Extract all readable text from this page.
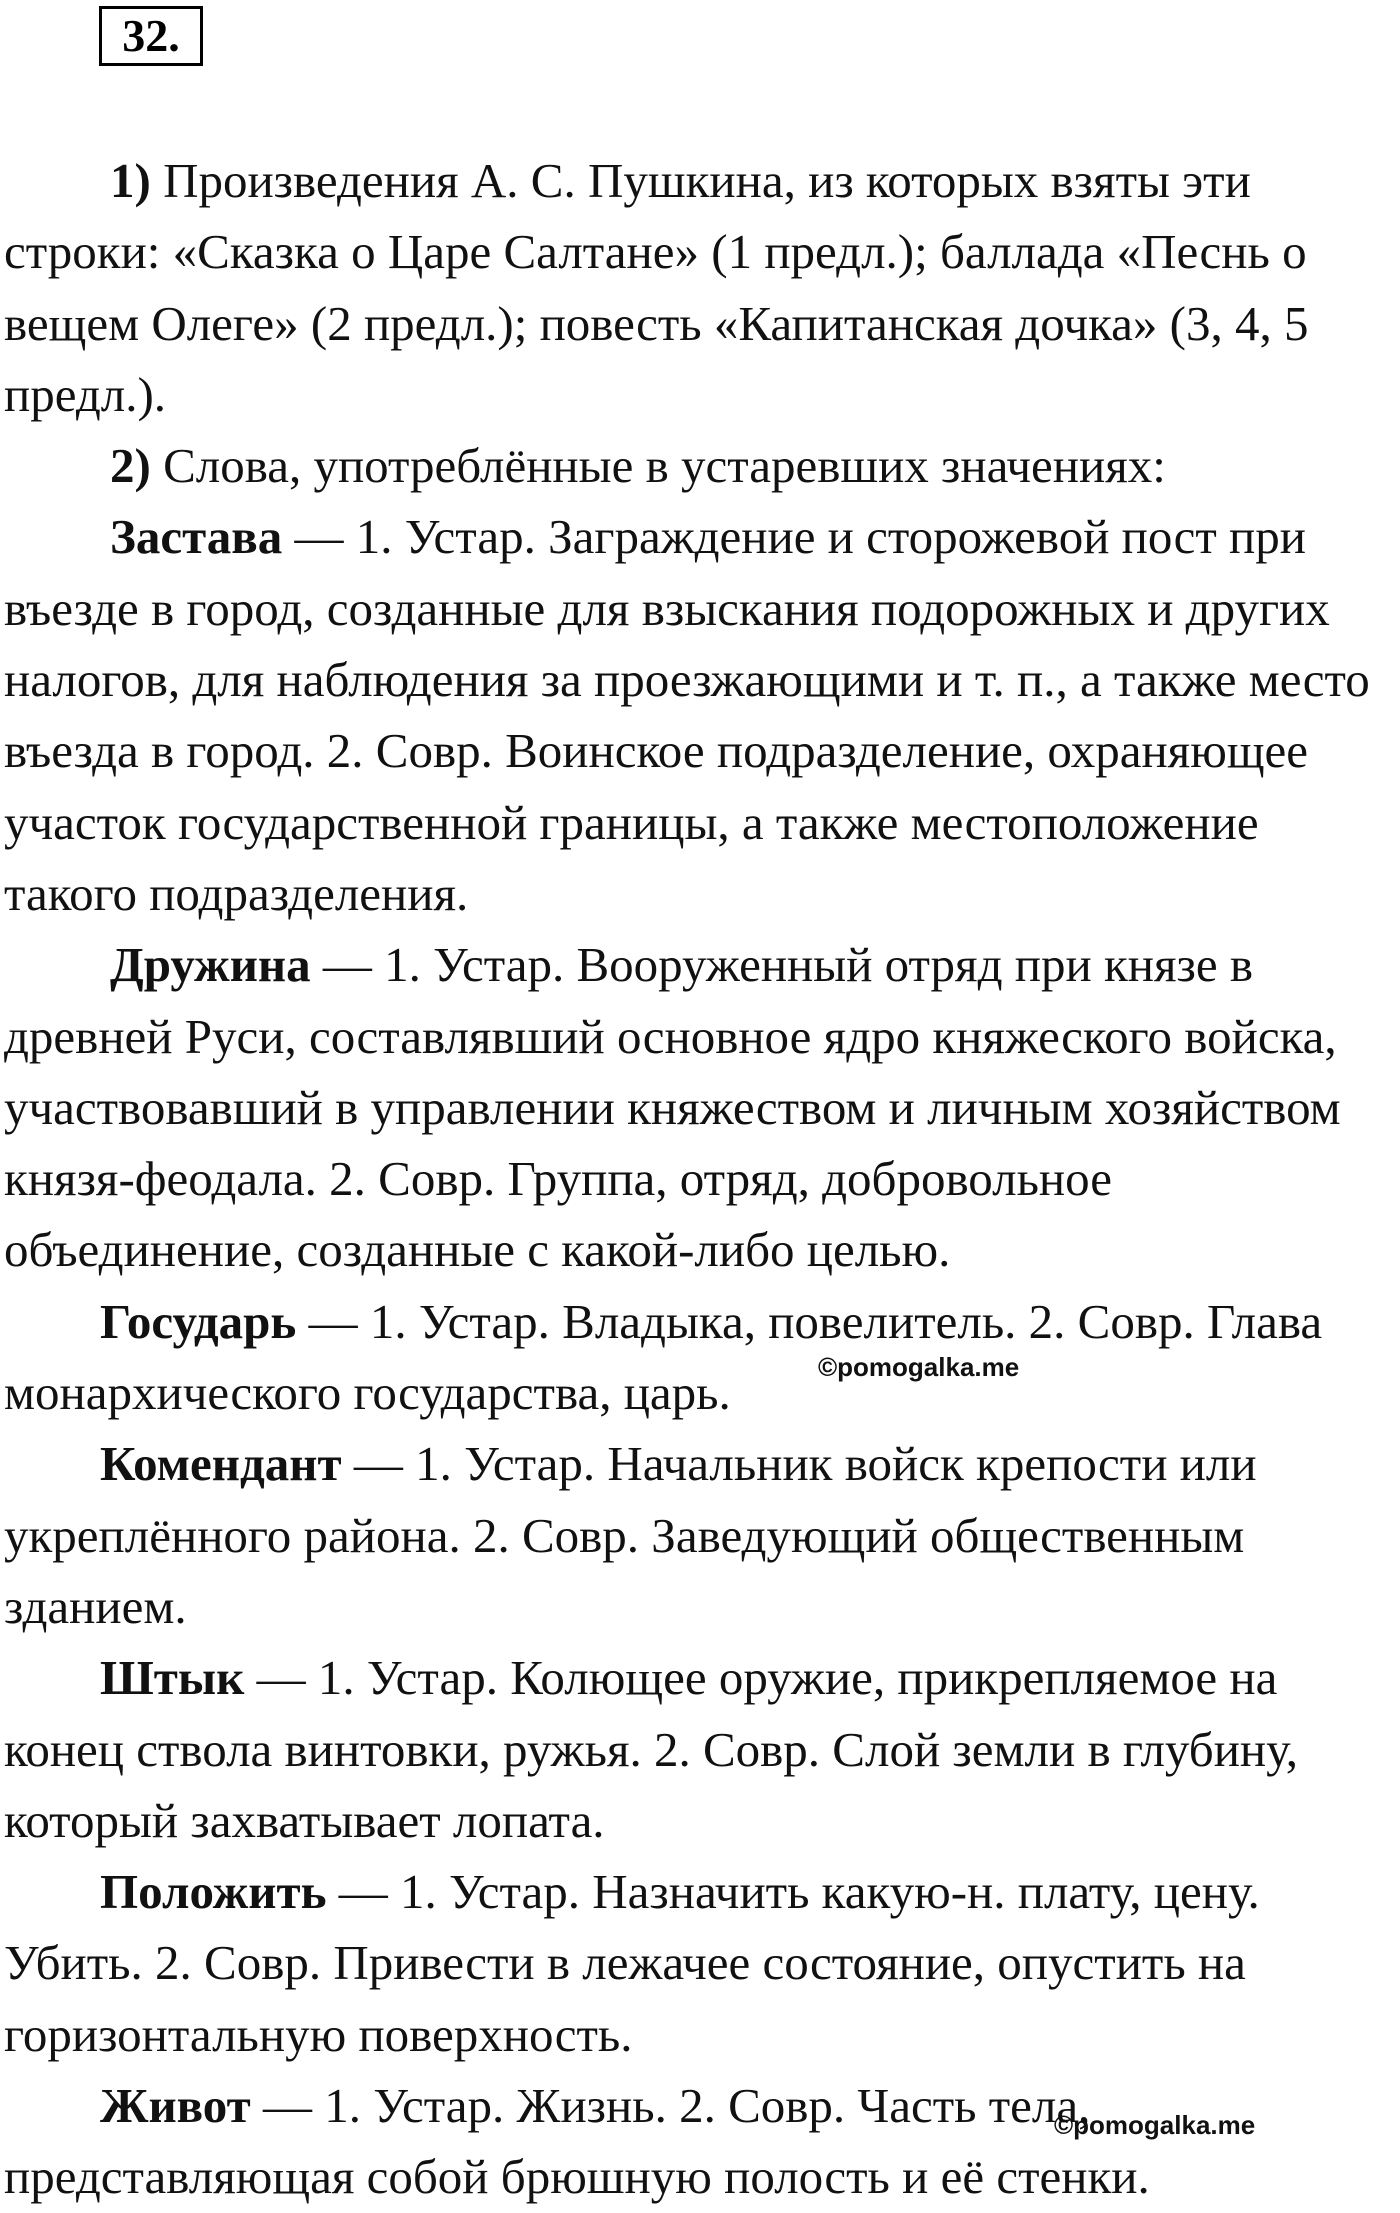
32.

1) Произведения А. С. Пушкина, из которых взяты эти строки: «Сказка о Царе Салтане» (1 предл.); баллада «Песнь о вещем Олеге» (2 предл.); повесть «Капитанская дочка» (3, 4, 5 предл.).

2) Слова, употреблённые в устаревших значениях:

Застава — 1. Устар. Заграждение и сторожевой пост при въезде в город, созданные для взыскания подорожных и других налогов, для наблюдения за проезжающими и т. п., а также место въезда в город. 2. Совр. Воинское подразделение, охраняющее участок государственной границы, а также местоположение такого подразделения.

Дружина — 1. Устар. Вооруженный отряд при князе в древней Руси, составлявший основное ядро княжеского войска, участвовавший в управлении княжеством и личным хозяйством князя-феодала. 2. Совр. Группа, отряд, добровольное объединение, созданные с какой-либо целью.

Государь — 1. Устар. Владыка, повелитель. 2. Совр. Глава монархического государства, царь.

Комендант — 1. Устар. Начальник войск крепости или укреплённого района. 2. Совр. Заведующий общественным зданием.

Штык — 1. Устар. Колющее оружие, прикрепляемое на конец ствола винтовки, ружья. 2. Совр. Слой земли в глубину, который захватывает лопата.

Положить — 1. Устар. Назначить какую-н. плату, цену. Убить. 2. Совр. Привести в лежачее состояние, опустить на горизонтальную поверхность.

Живот — 1. Устар. Жизнь. 2. Совр. Часть тела, представляющая собой брюшную полость и её стенки.

©pomogalka.me
©pomogalka.me
